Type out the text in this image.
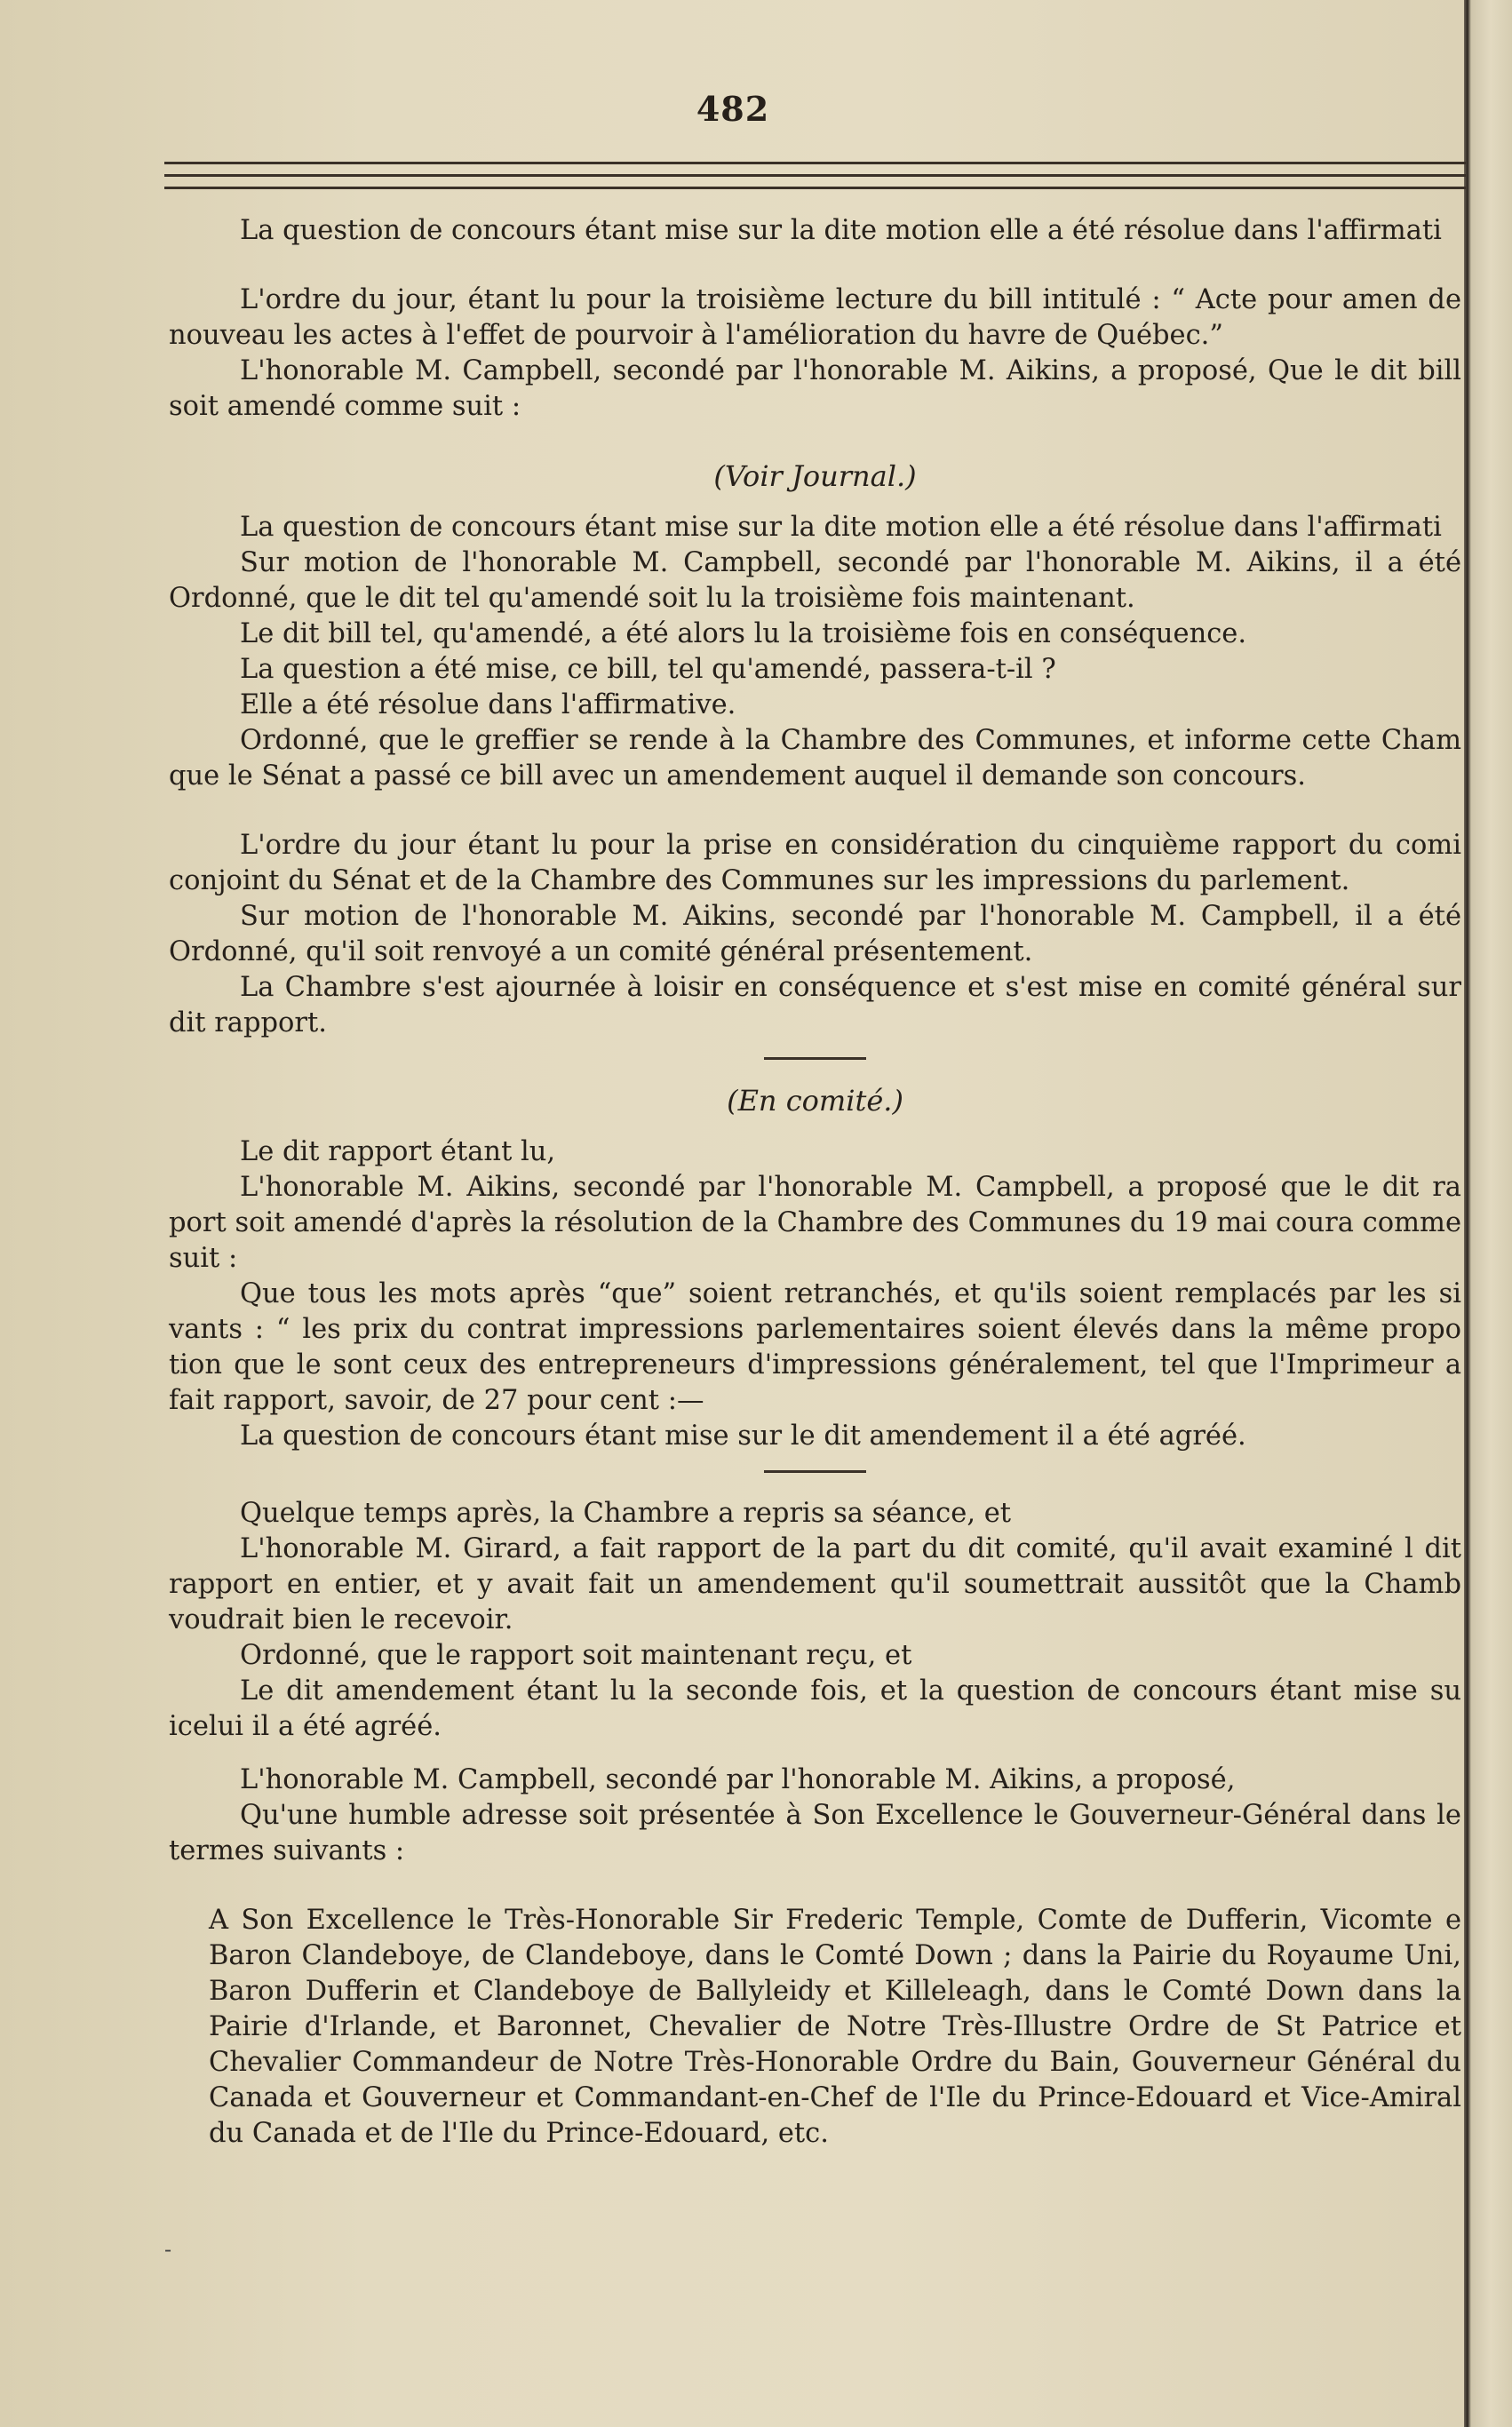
482

La question de concours étant mise sur la dite motion elle a été résolue dans l'affirmati

L'ordre du jour, étant lu pour la troisième lecture du bill intitulé : “ Acte pour amen de nouveau les actes à l'effet de pourvoir à l'amélioration du havre de Québec.”

L'honorable M. Campbell, secondé par l'honorable M. Aikins, a proposé, Que le dit bill soit amendé comme suit :

(Voir Journal.)

La question de concours étant mise sur la dite motion elle a été résolue dans l'affirmati

Sur motion de l'honorable M. Campbell, secondé par l'honorable M. Aikins, il a été Ordonné, que le dit tel qu'amendé soit lu la troisième fois maintenant.

Le dit bill tel, qu'amendé, a été alors lu la troisième fois en conséquence.

La question a été mise, ce bill, tel qu'amendé, passera-t-il ?

Elle a été résolue dans l'affirmative.

Ordonné, que le greffier se rende à la Chambre des Communes, et informe cette Cham que le Sénat a passé ce bill avec un amendement auquel il demande son concours.

L'ordre du jour étant lu pour la prise en considération du cinquième rapport du comi conjoint du Sénat et de la Chambre des Communes sur les impressions du parlement.

Sur motion de l'honorable M. Aikins, secondé par l'honorable M. Campbell, il a été Ordonné, qu'il soit renvoyé a un comité général présentement.

La Chambre s'est ajournée à loisir en conséquence et s'est mise en comité général sur dit rapport.

(En comité.)

Le dit rapport étant lu,

L'honorable M. Aikins, secondé par l'honorable M. Campbell, a proposé que le dit ra port soit amendé d'après la résolution de la Chambre des Communes du 19 mai coura comme suit :

Que tous les mots après “que” soient retranchés, et qu'ils soient remplacés par les si vants : “ les prix du contrat impressions parlementaires soient élevés dans la même propo tion que le sont ceux des entrepreneurs d'impressions généralement, tel que l'Imprimeur a fait rapport, savoir, de 27 pour cent :—

La question de concours étant mise sur le dit amendement il a été agréé.

Quelque temps après, la Chambre a repris sa séance, et

L'honorable M. Girard, a fait rapport de la part du dit comité, qu'il avait examiné l dit rapport en entier, et y avait fait un amendement qu'il soumettrait aussitôt que la Chamb voudrait bien le recevoir.

Ordonné, que le rapport soit maintenant reçu, et

Le dit amendement étant lu la seconde fois, et la question de concours étant mise su icelui il a été agréé.

L'honorable M. Campbell, secondé par l'honorable M. Aikins, a proposé,

Qu'une humble adresse soit présentée à Son Excellence le Gouverneur-Général dans le termes suivants :

A Son Excellence le Très-Honorable Sir Frederic Temple, Comte de Dufferin, Vicomte e Baron Clandeboye, de Clandeboye, dans le Comté Down ; dans la Pairie du Royaume Uni, Baron Dufferin et Clandeboye de Ballyleidy et Killeleagh, dans le Comté Down dans la Pairie d'Irlande, et Baronnet, Chevalier de Notre Très-Illustre Ordre de St Patrice et Chevalier Commandeur de Notre Très-Honorable Ordre du Bain, Gouverneur Général du Canada et Gouverneur et Commandant-en-Chef de l'Ile du Prince-Edouard et Vice-Amiral du Canada et de l'Ile du Prince-Edouard, etc.

-
